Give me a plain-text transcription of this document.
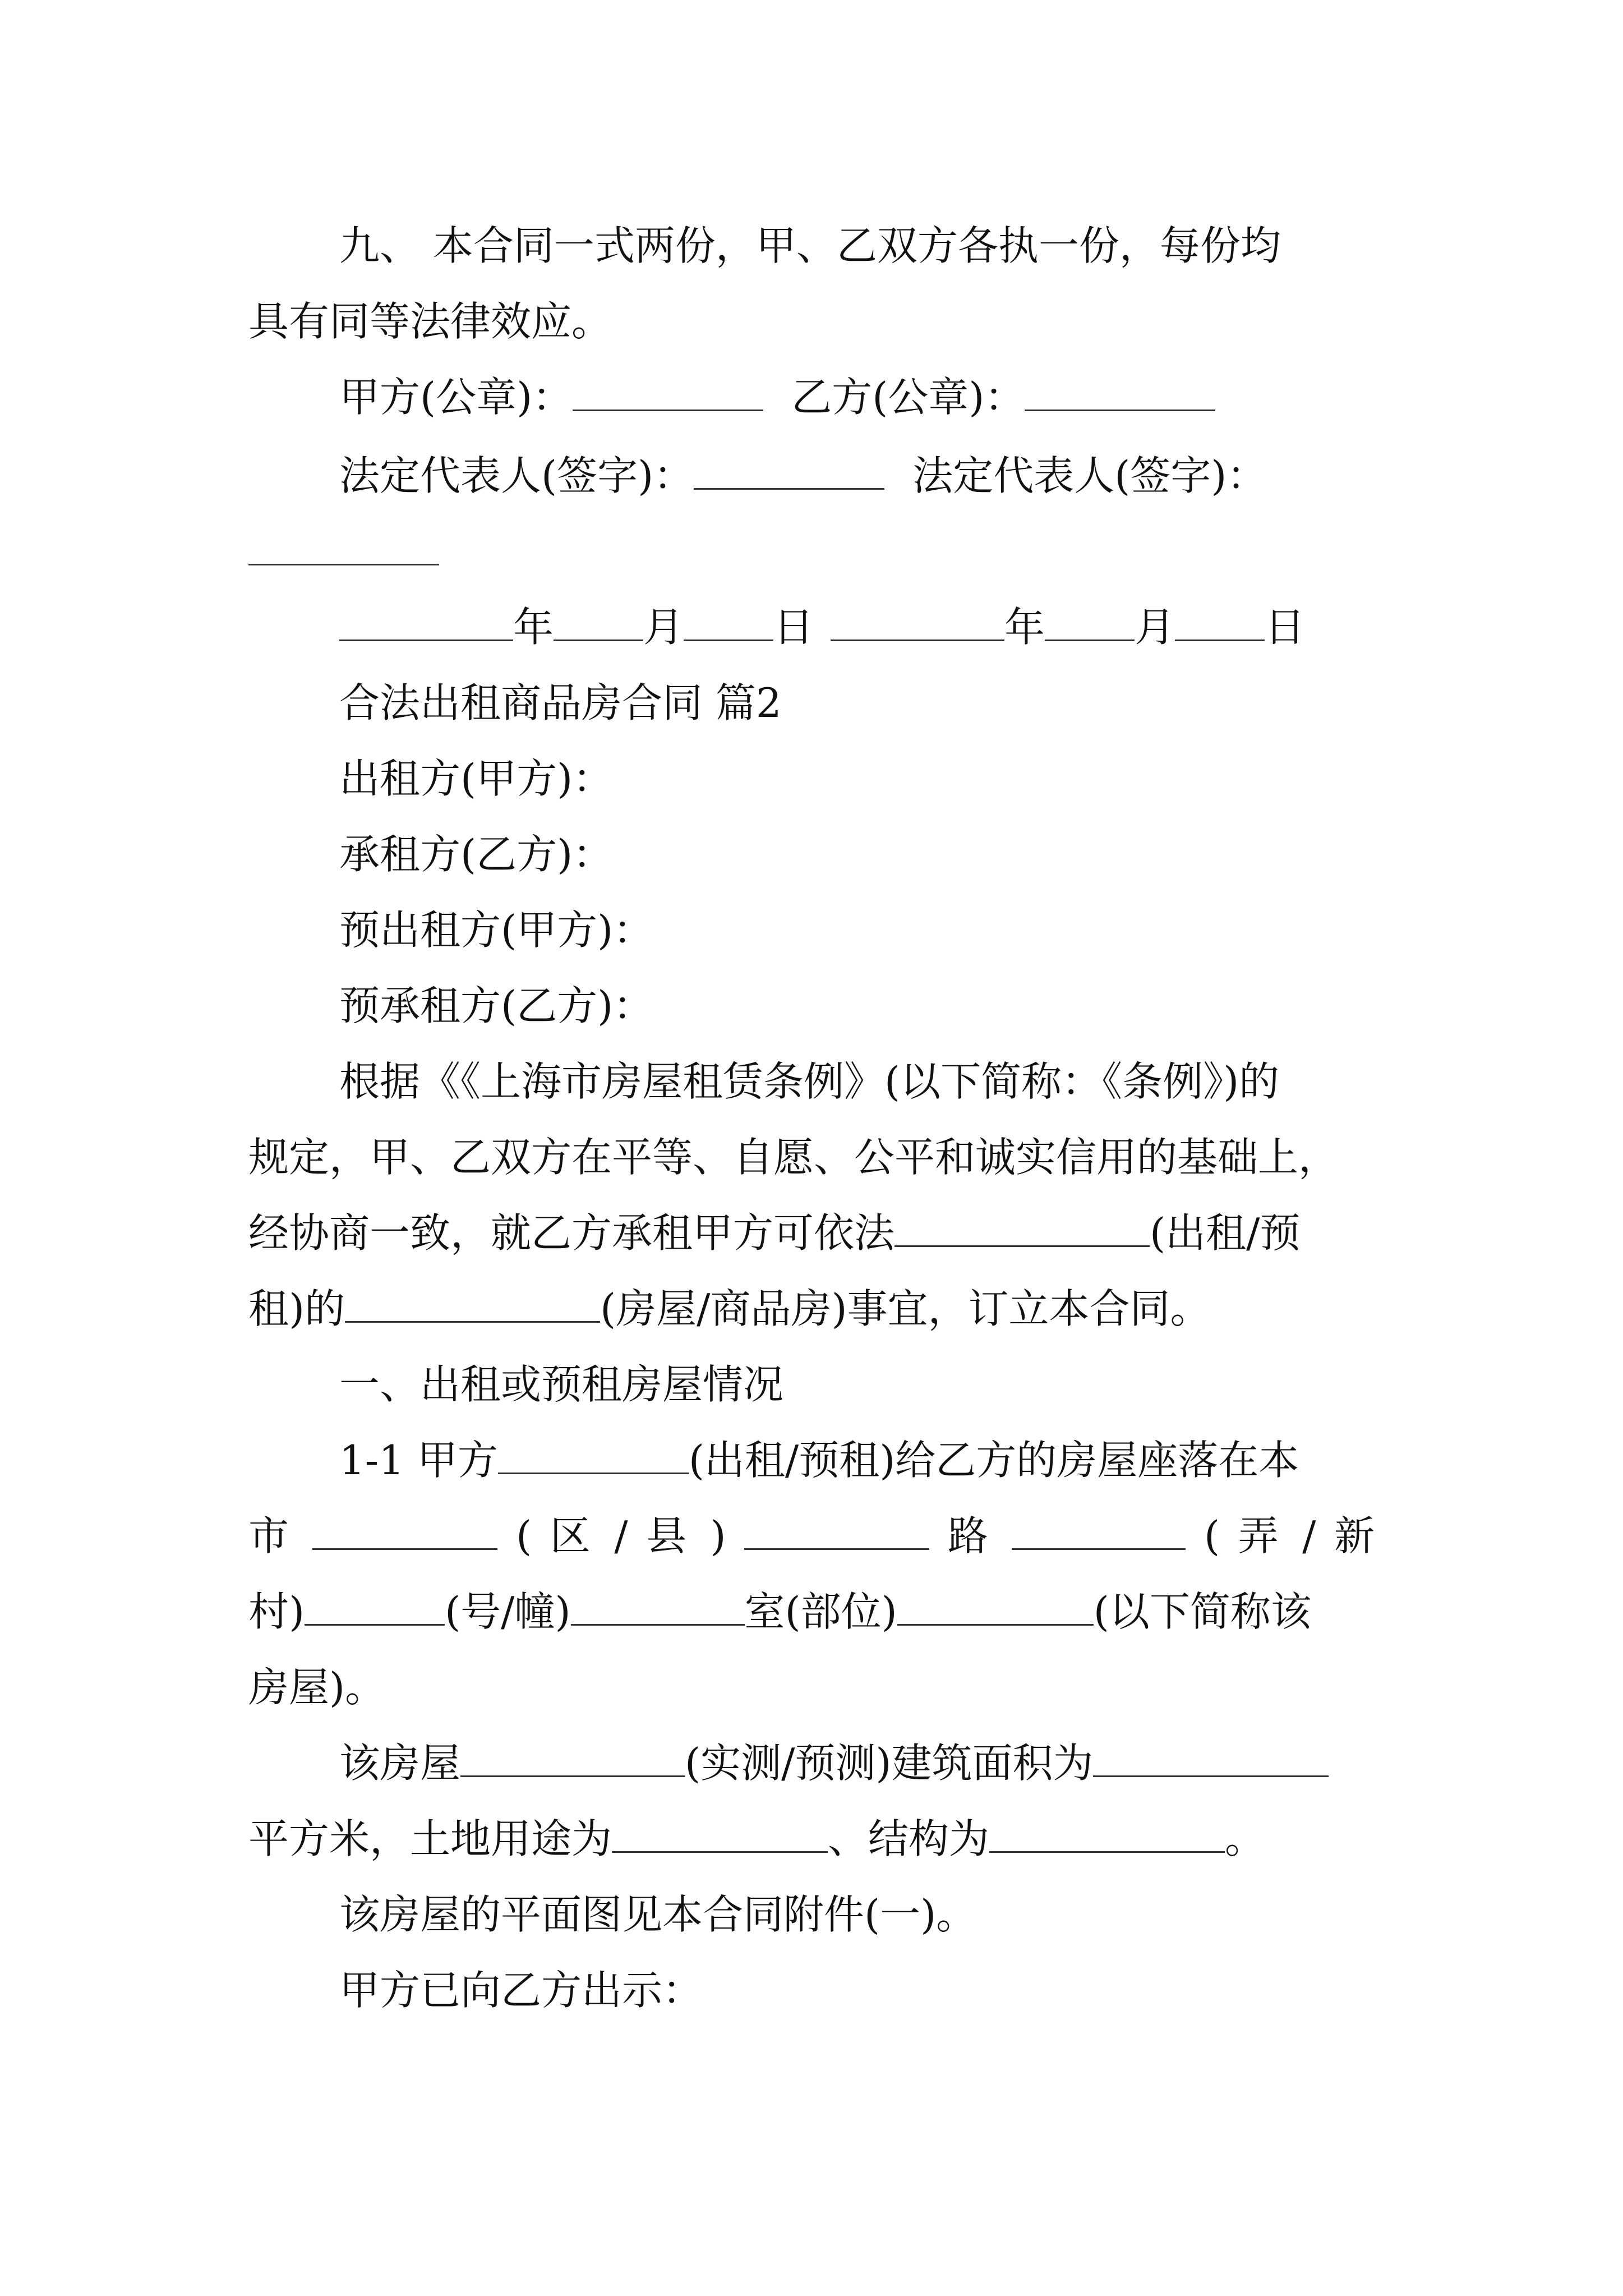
九、 本合同一式两份，甲、乙双方各执一份，每份均
具有同等法律效应。
甲方(公章)：	乙方(公章)：
法定代表人(签字)：	法定代表人(签字)：
年 月 日	年 月 日
合法出租商品房合同 篇2
出租方(甲方)：
承租方(乙方)：
预出租方(甲方)：
预承租方(乙方)：
根据《《上海市房屋租赁条例》(以下简称：《条例》)的
规定，甲、乙双方在平等、自愿、公平和诚实信用的基础上，
经协商一致，就乙方承租甲方可依法	(出租/预
租)的	(房屋/商品房)事宜，订立本合同。
一、出租或预租房屋情况
1-1 甲方	(出租/预租)给乙方的房屋座落在本
市	( 区 / 县 )	路	( 弄 / 新
村)	(号/幢)	室(部位)	(以下简称该
房屋)。
该房屋	(实测/预测)建筑面积为
平方米，土地用途为	、结构为	。
该房屋的平面图见本合同附件(一)。
甲方已向乙方出示：
